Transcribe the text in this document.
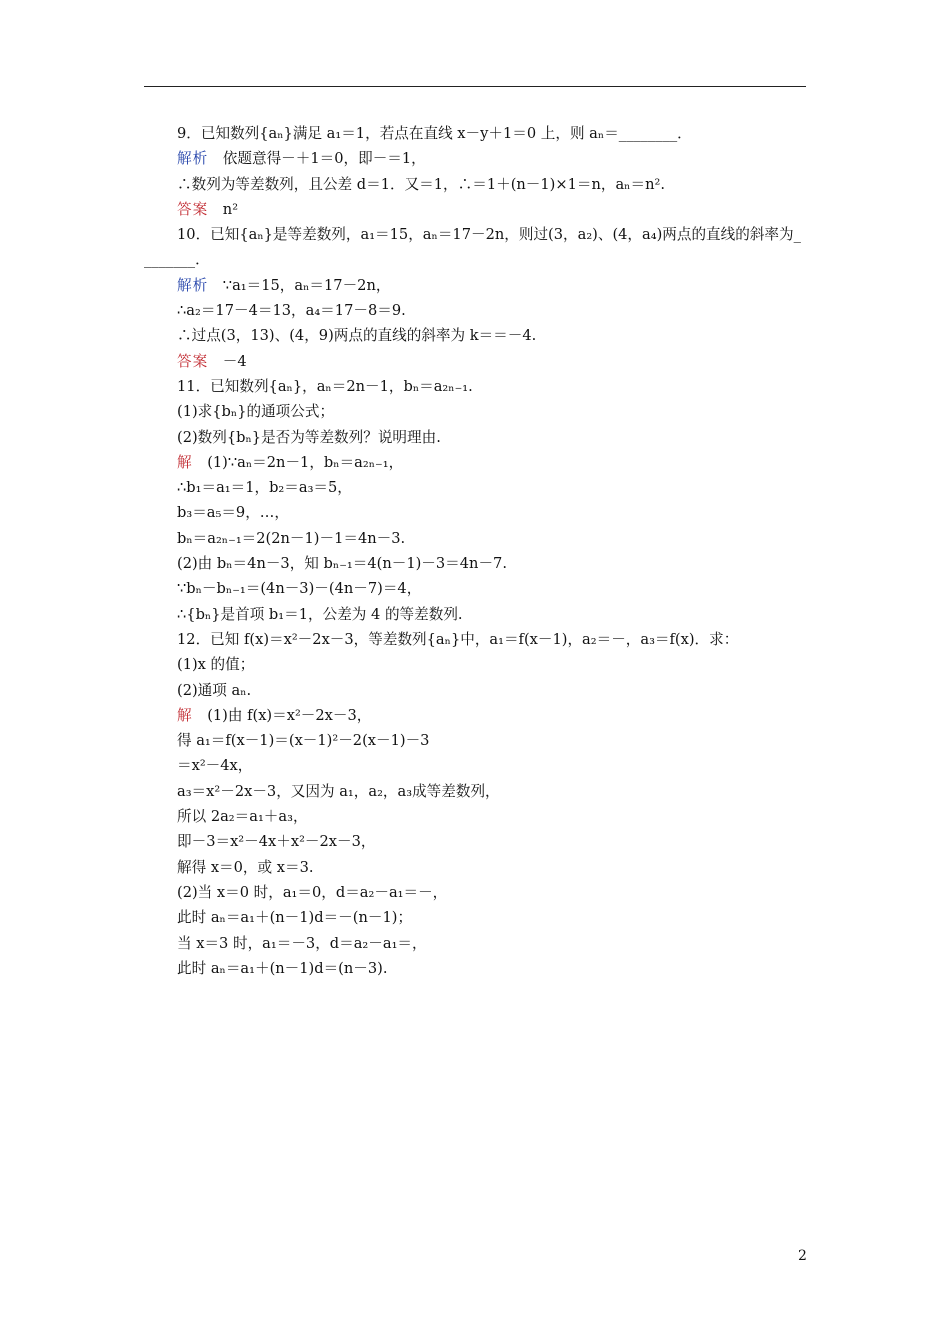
9．已知数列{aₙ}满足 a₁＝1，若点在直线 x－y＋1＝0 上，则 aₙ＝________．
解析  依题意得－＋1＝0，即－＝1，
∴数列为等差数列，且公差 d＝1．又＝1，∴＝1＋(n－1)×1＝n，aₙ＝n².
答案  n²
10．已知{aₙ}是等差数列，a₁＝15，aₙ＝17－2n，则过(3，a₂)、(4，a₄)两点的直线的斜率为_
_______．
解析  ∵a₁＝15，aₙ＝17－2n，
∴a₂＝17－4＝13，a₄＝17－8＝9.
∴过点(3，13)、(4，9)两点的直线的斜率为 k＝＝－4.
答案  －4
11．已知数列{aₙ}，aₙ＝2n－1，bₙ＝a₂ₙ₋₁.
(1)求{bₙ}的通项公式；
(2)数列{bₙ}是否为等差数列？说明理由.
解  (1)∵aₙ＝2n－1，bₙ＝a₂ₙ₋₁，
∴b₁＝a₁＝1，b₂＝a₃＝5，
b₃＝a₅＝9，…，
bₙ＝a₂ₙ₋₁＝2(2n－1)－1＝4n－3.
(2)由 bₙ＝4n－3，知 bₙ₋₁＝4(n－1)－3＝4n－7.
∵bₙ－bₙ₋₁＝(4n－3)－(4n－7)＝4，
∴{bₙ}是首项 b₁＝1，公差为 4 的等差数列.
12．已知 f(x)＝x²－2x－3，等差数列{aₙ}中，a₁＝f(x－1)，a₂＝－，a₃＝f(x)．求：
(1)x 的值；
(2)通项 aₙ.
解  (1)由 f(x)＝x²－2x－3，
得 a₁＝f(x－1)＝(x－1)²－2(x－1)－3
＝x²－4x，
a₃＝x²－2x－3，又因为 a₁，a₂，a₃成等差数列，
所以 2a₂＝a₁＋a₃，
即－3＝x²－4x＋x²－2x－3，
解得 x＝0，或 x＝3.
(2)当 x＝0 时，a₁＝0，d＝a₂－a₁＝－，
此时 aₙ＝a₁＋(n－1)d＝－(n－1)；
当 x＝3 时，a₁＝－3，d＝a₂－a₁＝，
此时 aₙ＝a₁＋(n－1)d＝(n－3).
2
